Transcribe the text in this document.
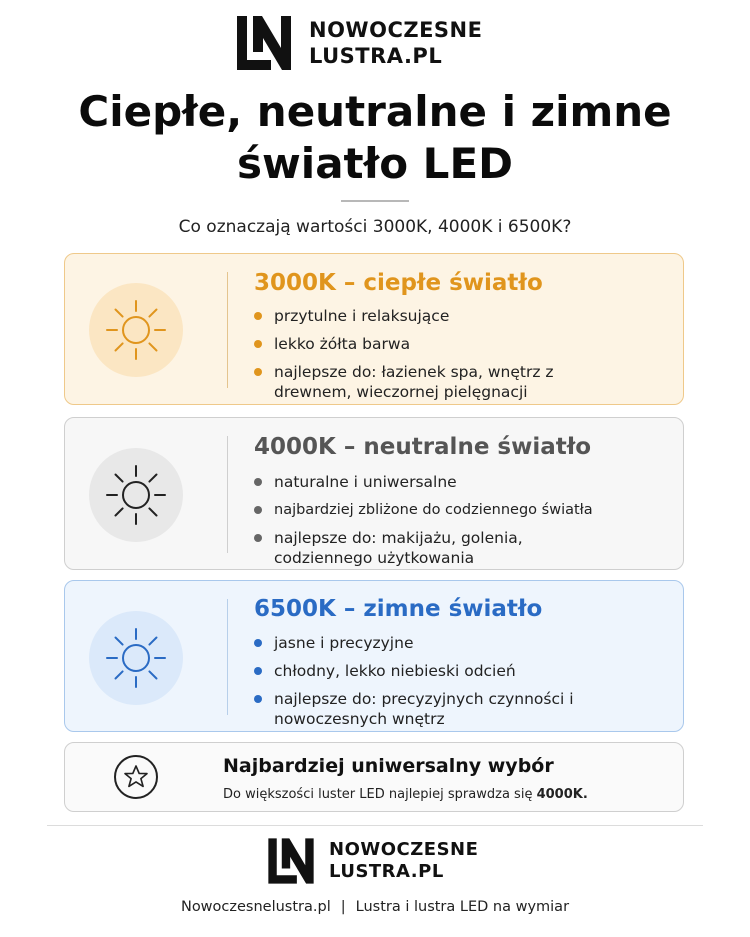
NOWOCZESNE
LUSTRA.PL
Ciepłe, neutralne i zimne
światło LED
Co oznaczają wartości 3000K, 4000K i 6500K?
3000K – ciepłe światło
przytulne i relaksujące
lekko żółta barwa
najlepsze do: łazienek spa, wnętrz z drewnem, wieczornej pielęgnacji
4000K – neutralne światło
naturalne i uniwersalne
najbardziej zbliżone do codziennego światła
najlepsze do: makijażu, golenia, codziennego użytkowania
6500K – zimne światło
jasne i precyzyjne
chłodny, lekko niebieski odcień
najlepsze do: precyzyjnych czynności i nowoczesnych wnętrz
Najbardziej uniwersalny wybór
Do większości luster LED najlepiej sprawdza się 4000K.
NOWOCZESNE
LUSTRA.PL
Nowoczesnelustra.pl | Lustra i lustra LED na wymiar
